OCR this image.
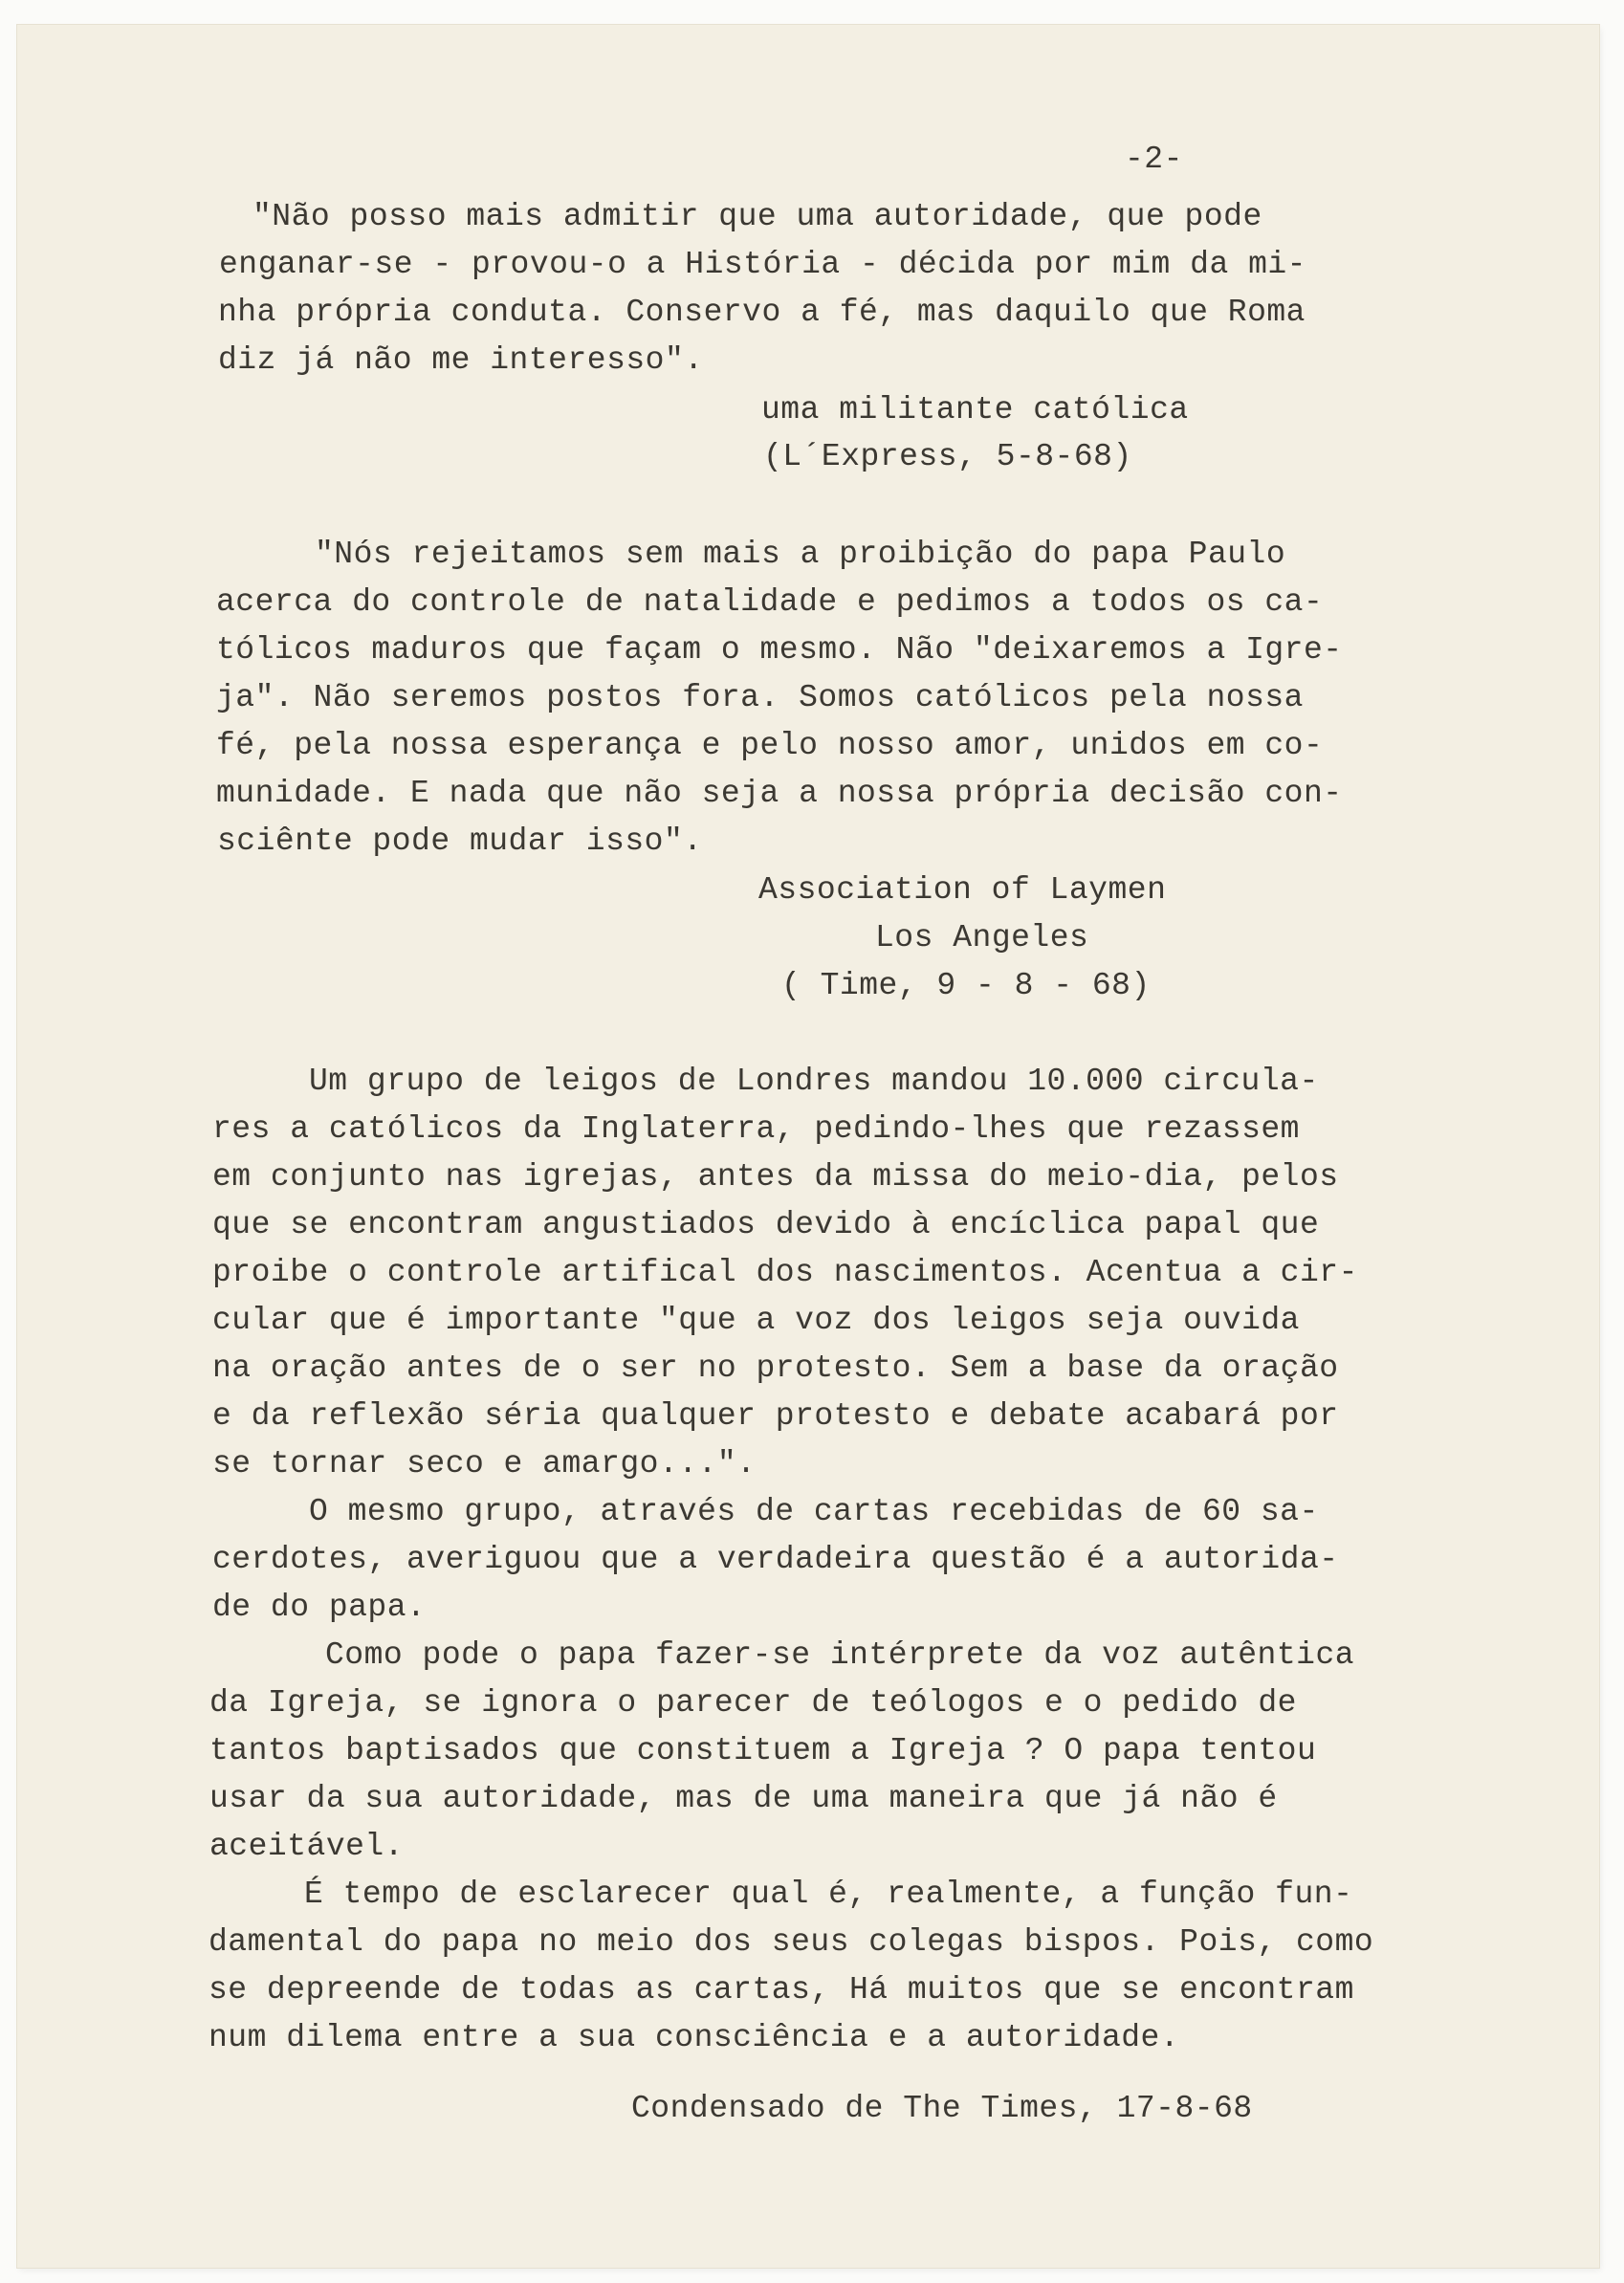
-2-
"Não posso mais admitir que uma autoridade, que pode
enganar-se - provou-o a História - décida por mim da mi-
nha própria conduta. Conservo a fé, mas daquilo que Roma
diz já não me interesso".
uma militante católica
(L´Express, 5-8-68)
"Nós rejeitamos sem mais a proibição do papa Paulo
acerca do controle de natalidade e pedimos a todos os ca-
tólicos maduros que façam o mesmo. Não "deixaremos a Igre-
ja". Não seremos postos fora. Somos católicos pela nossa
fé, pela nossa esperança e pelo nosso amor, unidos em co-
munidade. E nada que não seja a nossa própria decisão con-
sciênte pode mudar isso".
Association of Laymen
Los Angeles
( Time, 9 - 8 - 68)
Um grupo de leigos de Londres mandou 10.000 circula-
res a católicos da Inglaterra, pedindo-lhes que rezassem
em conjunto nas igrejas, antes da missa do meio-dia, pelos
que se encontram angustiados devido à encíclica papal que
proibe o controle artifical dos nascimentos. Acentua a cir-
cular que é importante "que a voz dos leigos seja ouvida
na oração antes de o ser no protesto. Sem a base da oração
e da reflexão séria qualquer protesto e debate acabará por
se tornar seco e amargo...".
O mesmo grupo, através de cartas recebidas de 60 sa-
cerdotes, averiguou que a verdadeira questão é a autorida-
de do papa.
Como pode o papa fazer-se intérprete da voz autêntica
da Igreja, se ignora o parecer de teólogos e o pedido de
tantos baptisados que constituem a Igreja ? O papa tentou
usar da sua autoridade, mas de uma maneira que já não é
aceitável.
É tempo de esclarecer qual é, realmente, a função fun-
damental do papa no meio dos seus colegas bispos. Pois, como
se depreende de todas as cartas, Há muitos que se encontram
num dilema entre a sua consciência e a autoridade.
Condensado de The Times, 17-8-68
